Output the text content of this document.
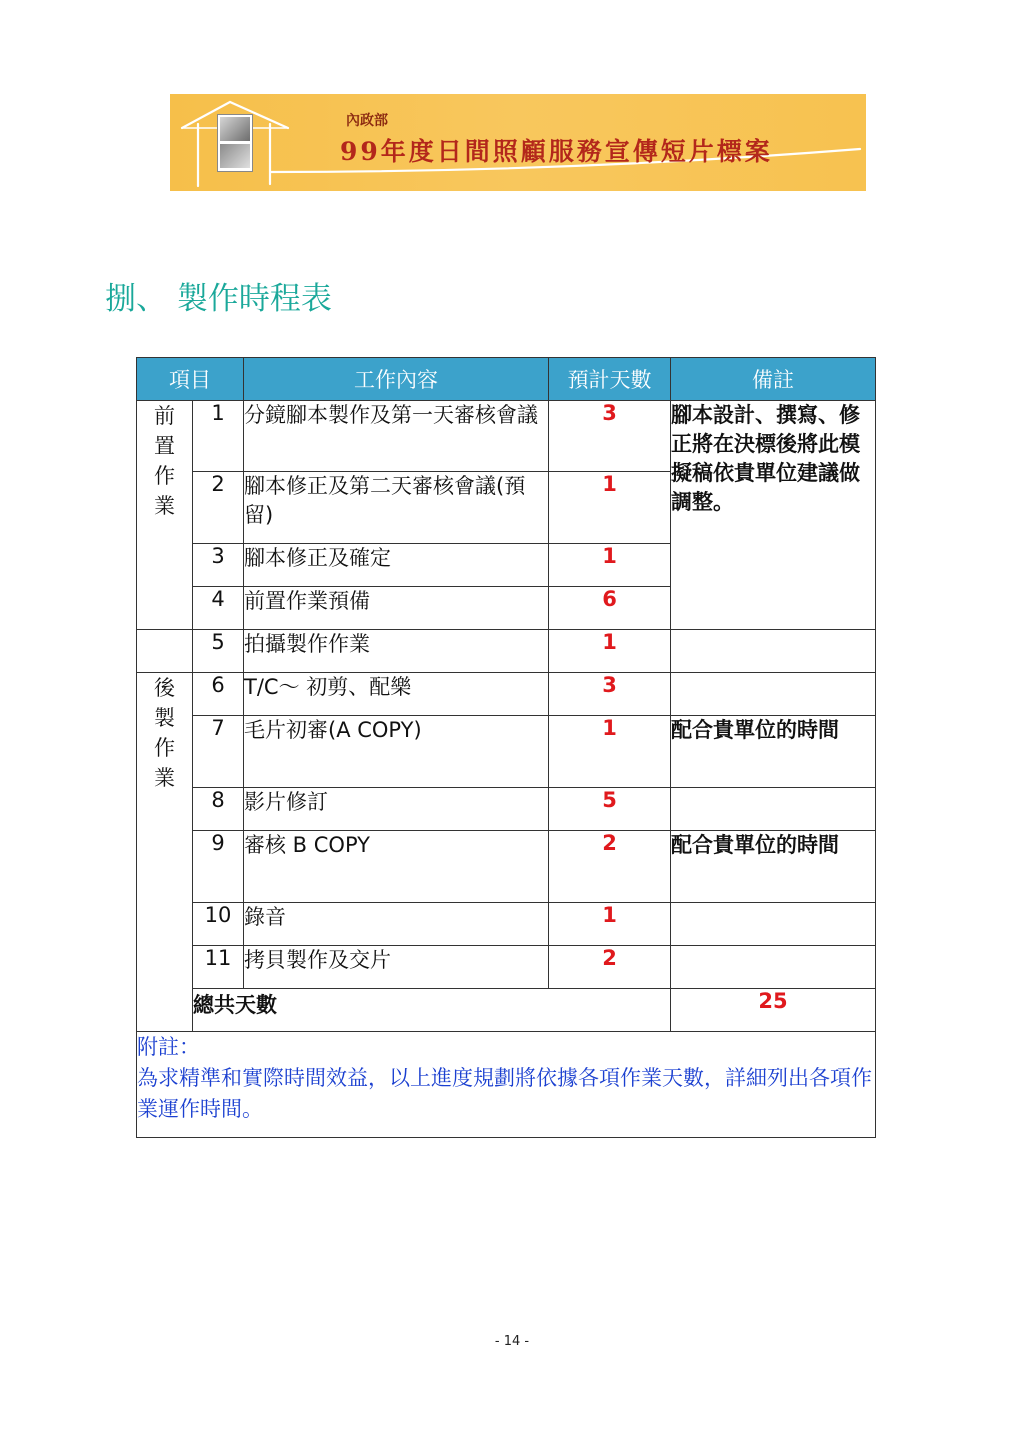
內政部
99年度日間照顧服務宣傳短片標案
捌、 製作時程表
項目		工作內容	預計天數	備註	

前置作業	1	分鏡腳本製作及第一天審核會議	3	腳本設計、撰寫、修正將在決標後將此模擬稿依貴單位建議做調整。	
	2	腳本修正及第二天審核會議(預留)	1		
	3	腳本修正及確定	1		
	4	前置作業預備	6		
	5	拍攝製作作業	1		

後製作業	6	T/C～ 初剪、配樂	3		
	7	毛片初審(A COPY)	1	配合貴單位的時間	
	8	影片修訂	5		
	9	審核 B COPY	2	配合貴單位的時間	
	10	錄音	1		
	11	拷貝製作及交片	2		
	總共天數			25	

附註：
為求精準和實際時間效益，以上進度規劃將依據各項作業天數，詳細列出各項作業運作時間。					
- 14 -
